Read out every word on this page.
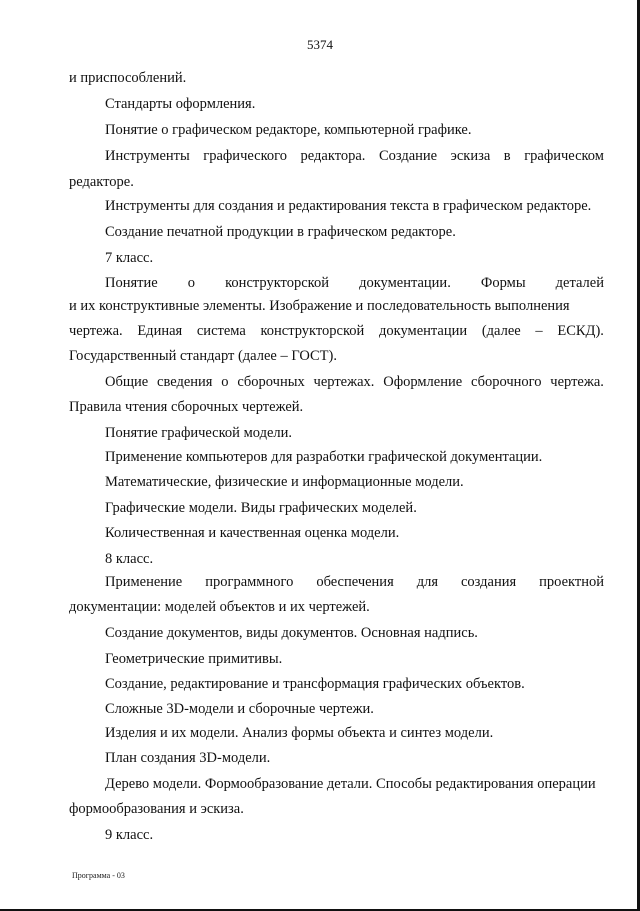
5374
и приспособлений.
Стандарты оформления.
Понятие о графическом редакторе, компьютерной графике.
Инструменты графического редактора. Создание эскиза в графическом
редакторе.
Инструменты для создания и редактирования текста в графическом редакторе.
Создание печатной продукции в графическом редакторе.
7 класс.
Понятие о конструкторской документации. Формы деталей
и их конструктивные элементы. Изображение и последовательность выполнения
чертежа. Единая система конструкторской документации (далее – ЕСКД).
Государственный стандарт (далее – ГОСТ).
Общие сведения о сборочных чертежах. Оформление сборочного чертежа.
Правила чтения сборочных чертежей.
Понятие графической модели.
Применение компьютеров для разработки графической документации.
Математические, физические и информационные модели.
Графические модели. Виды графических моделей.
Количественная и качественная оценка модели.
8 класс.
Применение программного обеспечения для создания проектной
документации: моделей объектов и их чертежей.
Создание документов, виды документов. Основная надпись.
Геометрические примитивы.
Создание, редактирование и трансформация графических объектов.
Сложные 3D-модели и сборочные чертежи.
Изделия и их модели. Анализ формы объекта и синтез модели.
План создания 3D-модели.
Дерево модели. Формообразование детали. Способы редактирования операции
формообразования и эскиза.
9 класс.
Программа - 03
